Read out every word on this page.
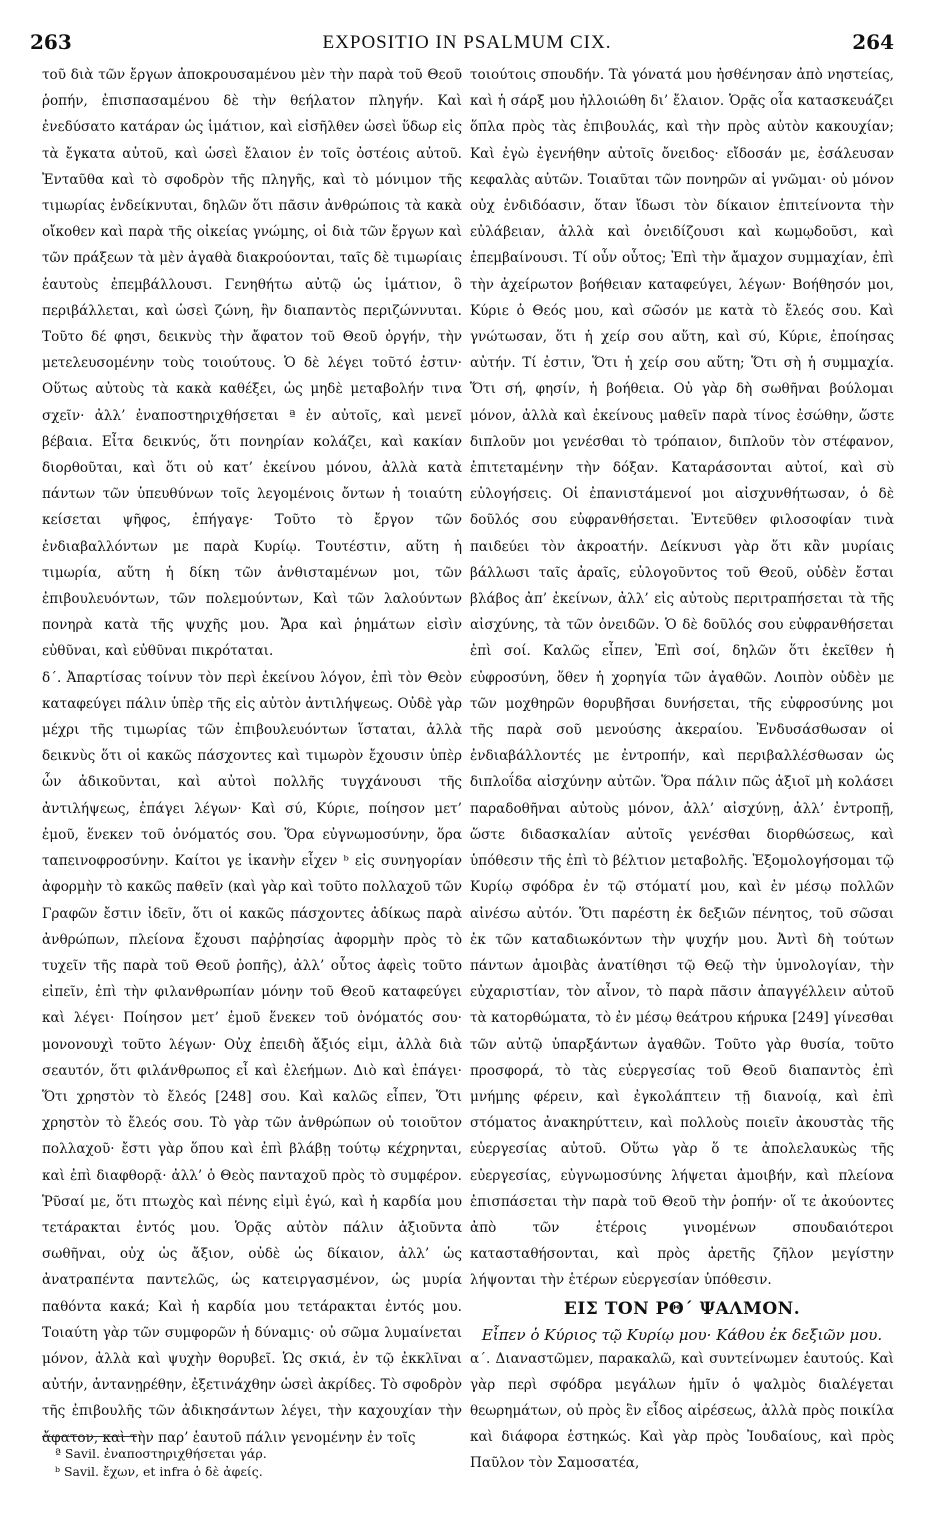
263	EXPOSITIO IN PSALMUM CIX.	264

τοῦ διὰ τῶν ἔργων ἀποκρουσαμένου μὲν τὴν παρὰ τοῦ Θεοῦ ῥοπήν, ἐπισπασαμένου δὲ τὴν θεήλατον πληγήν. Καὶ ἐνεδύσατο κατάραν ὡς ἱμάτιον, καὶ εἰσῆλθεν ὡσεὶ ὕδωρ εἰς τὰ ἔγκατα αὐτοῦ, καὶ ὡσεὶ ἔλαιον ἐν τοῖς ὀστέοις αὐτοῦ. Ἐνταῦθα καὶ τὸ σφοδρὸν τῆς πληγῆς, καὶ τὸ μόνιμον τῆς τιμωρίας ἐνδείκνυται, δηλῶν ὅτι πᾶσιν ἀνθρώποις τὰ κακὰ οἴκοθεν καὶ παρὰ τῆς οἰκείας γνώμης, οἱ διὰ τῶν ἔργων καὶ τῶν πράξεων τὰ μὲν ἀγαθὰ διακρούονται, ταῖς δὲ τιμωρίαις ἑαυτοὺς ἐπεμβάλλουσι. Γενηθήτω αὐτῷ ὡς ἱμάτιον, ὃ περιβάλλεται, καὶ ὡσεὶ ζώνη, ἣν διαπαντὸς περιζώννυται. Τοῦτο δέ φησι, δεικνὺς τὴν ἄφατον τοῦ Θεοῦ ὀργήν, τὴν μετελευσομένην τοὺς τοιούτους. Ὁ δὲ λέγει τοῦτό ἐστιν· Οὕτως αὐτοὺς τὰ κακὰ καθέξει, ὡς μηδὲ μεταβολήν τινα σχεῖν· ἀλλ’ ἐναποστηριχθήσεται ª ἐν αὐτοῖς, καὶ μενεῖ βέβαια. Εἶτα δεικνύς, ὅτι πονηρίαν κολάζει, καὶ κακίαν διορθοῦται, καὶ ὅτι οὐ κατ’ ἐκείνου μόνου, ἀλλὰ κατὰ πάντων τῶν ὑπευθύνων τοῖς λεγομένοις ὄντων ἡ τοιαύτη κείσεται ψῆφος, ἐπήγαγε· Τοῦτο τὸ ἔργον τῶν ἐνδιαβαλλόντων με παρὰ Κυρίῳ. Τουτέστιν, αὕτη ἡ τιμωρία, αὕτη ἡ δίκη τῶν ἀνθισταμένων μοι, τῶν ἐπιβουλευόντων, τῶν πολεμούντων, Καὶ τῶν λαλούντων πονηρὰ κατὰ τῆς ψυχῆς μου. Ἄρα καὶ ῥημάτων εἰσὶν εὐθῦναι, καὶ εὐθῦναι πικρόταται.

δ΄. Ἀπαρτίσας τοίνυν τὸν περὶ ἐκείνου λόγον, ἐπὶ τὸν Θεὸν καταφεύγει πάλιν ὑπὲρ τῆς εἰς αὐτὸν ἀντιλήψεως. Οὐδὲ γὰρ μέχρι τῆς τιμωρίας τῶν ἐπιβουλευόντων ἵσταται, ἀλλὰ δεικνὺς ὅτι οἱ κακῶς πάσχοντες καὶ τιμωρὸν ἔχουσιν ὑπὲρ ὧν ἀδικοῦνται, καὶ αὐτοὶ πολλῆς τυγχάνουσι τῆς ἀντιλήψεως, ἐπάγει λέγων· Καὶ σύ, Κύριε, ποίησον μετ’ ἐμοῦ, ἕνεκεν τοῦ ὀνόματός σου. Ὅρα εὐγνωμοσύνην, ὅρα ταπεινοφροσύνην. Καίτοι γε ἱκανὴν εἶχεν ᵇ εἰς συνηγορίαν ἀφορμὴν τὸ κακῶς παθεῖν (καὶ γὰρ καὶ τοῦτο πολλαχοῦ τῶν Γραφῶν ἔστιν ἰδεῖν, ὅτι οἱ κακῶς πάσχοντες ἀδίκως παρὰ ἀνθρώπων, πλείονα ἔχουσι παῤῥησίας ἀφορμὴν πρὸς τὸ τυχεῖν τῆς παρὰ τοῦ Θεοῦ ῥοπῆς), ἀλλ’ οὗτος ἀφεὶς τοῦτο εἰπεῖν, ἐπὶ τὴν φιλανθρωπίαν μόνην τοῦ Θεοῦ καταφεύγει καὶ λέγει· Ποίησον μετ’ ἐμοῦ ἕνεκεν τοῦ ὀνόματός σου· μονονουχὶ τοῦτο λέγων· Οὐχ ἐπειδὴ ἄξιός εἰμι, ἀλλὰ διὰ σεαυτόν, ὅτι φιλάνθρωπος εἶ καὶ ἐλεήμων. Διὸ καὶ ἐπάγει· Ὅτι χρηστὸν τὸ ἔλεός [248] σου. Καὶ καλῶς εἶπεν, Ὅτι χρηστὸν τὸ ἔλεός σου. Τὸ γὰρ τῶν ἀνθρώπων οὐ τοιοῦτον πολλαχοῦ· ἔστι γὰρ ὅπου καὶ ἐπὶ βλάβῃ τούτῳ κέχρηνται, καὶ ἐπὶ διαφθορᾷ· ἀλλ’ ὁ Θεὸς πανταχοῦ πρὸς τὸ συμφέρον. Ῥῦσαί με, ὅτι πτωχὸς καὶ πένης εἰμὶ ἐγώ, καὶ ἡ καρδία μου τετάρακται ἐντός μου. Ὁρᾷς αὐτὸν πάλιν ἀξιοῦντα σωθῆναι, οὐχ ὡς ἄξιον, οὐδὲ ὡς δίκαιον, ἀλλ’ ὡς ἀνατραπέντα παντελῶς, ὡς κατειργασμένον, ὡς μυρία παθόντα κακά; Καὶ ἡ καρδία μου τετάρακται ἐντός μου. Τοιαύτη γὰρ τῶν συμφορῶν ἡ δύναμις· οὐ σῶμα λυμαίνεται μόνον, ἀλλὰ καὶ ψυχὴν θορυβεῖ. Ὡς σκιά, ἐν τῷ ἐκκλῖναι αὐτήν, ἀντανῃρέθην, ἐξετινάχθην ὡσεὶ ἀκρίδες. Τὸ σφοδρὸν τῆς ἐπιβουλῆς τῶν ἀδικησάντων λέγει, τὴν καχουχίαν τὴν ἄφατον, καὶ τὴν παρ’ ἑαυτοῦ πάλιν γενομένην ἐν τοῖς

τοιούτοις σπουδήν. Τὰ γόνατά μου ἠσθένησαν ἀπὸ νηστείας, καὶ ἡ σάρξ μου ἠλλοιώθη δι’ ἔλαιον. Ὁρᾷς οἷα κατασκευάζει ὅπλα πρὸς τὰς ἐπιβουλάς, καὶ τὴν πρὸς αὐτὸν κακουχίαν; Καὶ ἐγὼ ἐγενήθην αὐτοῖς ὄνειδος· εἴδοσάν με, ἐσάλευσαν κεφαλὰς αὐτῶν. Τοιαῦται τῶν πονηρῶν αἱ γνῶμαι· οὐ μόνον οὐχ ἐνδιδόασιν, ὅταν ἴδωσι τὸν δίκαιον ἐπιτείνοντα τὴν εὐλάβειαν, ἀλλὰ καὶ ὀνειδίζουσι καὶ κωμῳδοῦσι, καὶ ἐπεμβαίνουσι. Τί οὖν οὗτος; Ἐπὶ τὴν ἄμαχον συμμαχίαν, ἐπὶ τὴν ἀχείρωτον βοήθειαν καταφεύγει, λέγων· Βοήθησόν μοι, Κύριε ὁ Θεός μου, καὶ σῶσόν με κατὰ τὸ ἔλεός σου. Καὶ γνώτωσαν, ὅτι ἡ χείρ σου αὕτη, καὶ σύ, Κύριε, ἐποίησας αὐτήν. Τί ἐστιν, Ὅτι ἡ χείρ σου αὕτη; Ὅτι σὴ ἡ συμμαχία. Ὅτι σή, φησίν, ἡ βοήθεια. Οὐ γὰρ δὴ σωθῆναι βούλομαι μόνον, ἀλλὰ καὶ ἐκείνους μαθεῖν παρὰ τίνος ἐσώθην, ὥστε διπλοῦν μοι γενέσθαι τὸ τρόπαιον, διπλοῦν τὸν στέφανον, ἐπιτεταμένην τὴν δόξαν. Καταράσονται αὐτοί, καὶ σὺ εὐλογήσεις. Οἱ ἐπανιστάμενοί μοι αἰσχυνθήτωσαν, ὁ δὲ δοῦλός σου εὐφρανθήσεται. Ἐντεῦθεν φιλοσοφίαν τινὰ παιδεύει τὸν ἀκροατήν. Δείκνυσι γὰρ ὅτι κἂν μυρίαις βάλλωσι ταῖς ἀραῖς, εὐλογοῦντος τοῦ Θεοῦ, οὐδὲν ἔσται βλάβος ἀπ’ ἐκείνων, ἀλλ’ εἰς αὐτοὺς περιτραπήσεται τὰ τῆς αἰσχύνης, τὰ τῶν ὀνειδῶν. Ὁ δὲ δοῦλός σου εὐφρανθήσεται ἐπὶ σοί. Καλῶς εἶπεν, Ἐπὶ σοί, δηλῶν ὅτι ἐκεῖθεν ἡ εὐφροσύνη, ὅθεν ἡ χορηγία τῶν ἀγαθῶν. Λοιπὸν οὐδὲν με τῶν μοχθηρῶν θορυβῆσαι δυνήσεται, τῆς εὐφροσύνης μοι τῆς παρὰ σοῦ μενούσης ἀκεραίου. Ἐνδυσάσθωσαν οἱ ἐνδιαβάλλοντές με ἐντροπήν, καὶ περιβαλλέσθωσαν ὡς διπλοΐδα αἰσχύνην αὐτῶν. Ὅρα πάλιν πῶς ἀξιοῖ μὴ κολάσει παραδοθῆναι αὐτοὺς μόνον, ἀλλ’ αἰσχύνῃ, ἀλλ’ ἐντροπῇ, ὥστε διδασκαλίαν αὐτοῖς γενέσθαι διορθώσεως, καὶ ὑπόθεσιν τῆς ἐπὶ τὸ βέλτιον μεταβολῆς. Ἐξομολογήσομαι τῷ Κυρίῳ σφόδρα ἐν τῷ στόματί μου, καὶ ἐν μέσῳ πολλῶν αἰνέσω αὐτόν. Ὅτι παρέστη ἐκ δεξιῶν πένητος, τοῦ σῶσαι ἐκ τῶν καταδιωκόντων τὴν ψυχήν μου. Ἀντὶ δὴ τούτων πάντων ἀμοιβὰς ἀνατίθησι τῷ Θεῷ τὴν ὑμνολογίαν, τὴν εὐχαριστίαν, τὸν αἶνον, τὸ παρὰ πᾶσιν ἀπαγγέλλειν αὐτοῦ τὰ κατορθώματα, τὸ ἐν μέσῳ θεάτρου κήρυκα [249] γίνεσθαι τῶν αὐτῷ ὑπαρξάντων ἀγαθῶν. Τοῦτο γὰρ θυσία, τοῦτο προσφορά, τὸ τὰς εὐεργεσίας τοῦ Θεοῦ διαπαντὸς ἐπὶ μνήμης φέρειν, καὶ ἐγκολάπτειν τῇ διανοίᾳ, καὶ ἐπὶ στόματος ἀνακηρύττειν, καὶ πολλοὺς ποιεῖν ἀκουστὰς τῆς εὐεργεσίας αὐτοῦ. Οὕτω γὰρ ὅ τε ἀπολελαυκὼς τῆς εὐεργεσίας, εὐγνωμοσύνης λήψεται ἀμοιβήν, καὶ πλείονα ἐπισπάσεται τὴν παρὰ τοῦ Θεοῦ τὴν ῥοπήν· οἵ τε ἀκούοντες ἀπὸ τῶν ἑτέροις γινομένων σπουδαιότεροι κατασταθήσονται, καὶ πρὸς ἀρετῆς ζῆλον μεγίστην λήψονται τὴν ἑτέρων εὐεργεσίαν ὑπόθεσιν.

ΕΙΣ ΤΟΝ ΡΘ΄ ΨΑΛΜΟΝ.
Εἶπεν ὁ Κύριος τῷ Κυρίῳ μου· Κάθου ἐκ δεξιῶν μου.

α΄. Διαναστῶμεν, παρακαλῶ, καὶ συντείνωμεν ἑαυτούς. Καὶ γὰρ περὶ σφόδρα μεγάλων ἡμῖν ὁ ψαλμὸς διαλέγεται θεωρημάτων, οὐ πρὸς ἓν εἶδος αἱρέσεως, ἀλλὰ πρὸς ποικίλα καὶ διάφορα ἑστηκώς. Καὶ γὰρ πρὸς Ἰουδαίους, καὶ πρὸς Παῦλον τὸν Σαμοσατέα,

ª Savil. ἐναποστηριχθήσεται γάρ.
ᵇ Savil. ἔχων, et infra ὁ δὲ ἀφείς.
